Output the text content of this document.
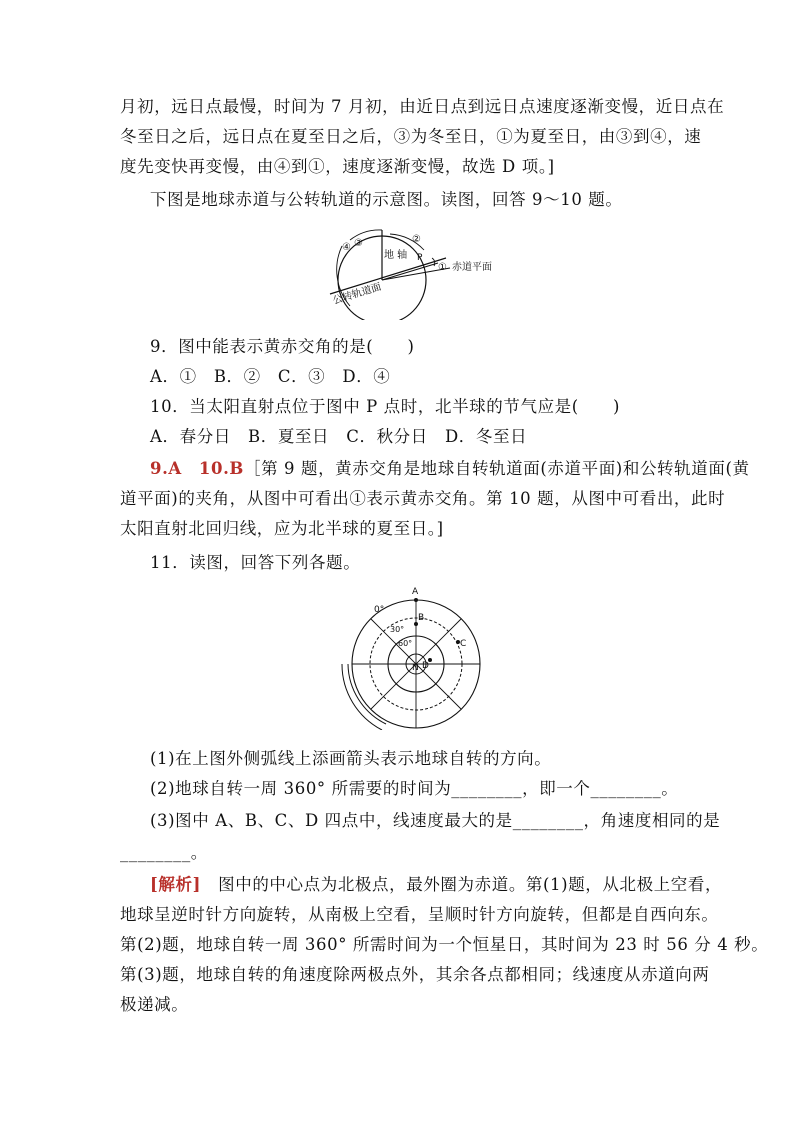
月初，远日点最慢，时间为 7 月初，由近日点到远日点速度逐渐变慢，近日点在
冬至日之后，远日点在夏至日之后，③为冬至日，①为夏至日，由③到④，速
度先变快再变慢，由④到①，速度逐渐变慢，故选 D 项。]
下图是地球赤道与公转轨道的示意图。读图，回答 9～10 题。
地 轴
④ ③	②
P
① 赤道平面
公转轨道面
9．图中能表示黄赤交角的是(　　)
A．①　B．②　C．③　D．④
10．当太阳直射点位于图中 P 点时，北半球的节气应是(　　)
A．春分日　B．夏至日　C．秋分日　D．冬至日
9.A　10.B［第 9 题，黄赤交角是地球自转轨道面(赤道平面)和公转轨道面(黄
道平面)的夹角，从图中可看出①表示黄赤交角。第 10 题，从图中可看出，此时
太阳直射北回归线，应为北半球的夏至日。]
11．读图，回答下列各题。
A
B
C
D
N
0°
30°
60°
(1)在上图外侧弧线上添画箭头表示地球自转的方向。
(2)地球自转一周 360° 所需要的时间为________，即一个________。
(3)图中 A、B、C、D 四点中，线速度最大的是________，角速度相同的是
________。
[解析]　图中的中心点为北极点，最外圈为赤道。第(1)题，从北极上空看，
地球呈逆时针方向旋转，从南极上空看，呈顺时针方向旋转，但都是自西向东。
第(2)题，地球自转一周 360° 所需时间为一个恒星日，其时间为 23 时 56 分 4 秒。
第(3)题，地球自转的角速度除两极点外，其余各点都相同；线速度从赤道向两
极递减。
